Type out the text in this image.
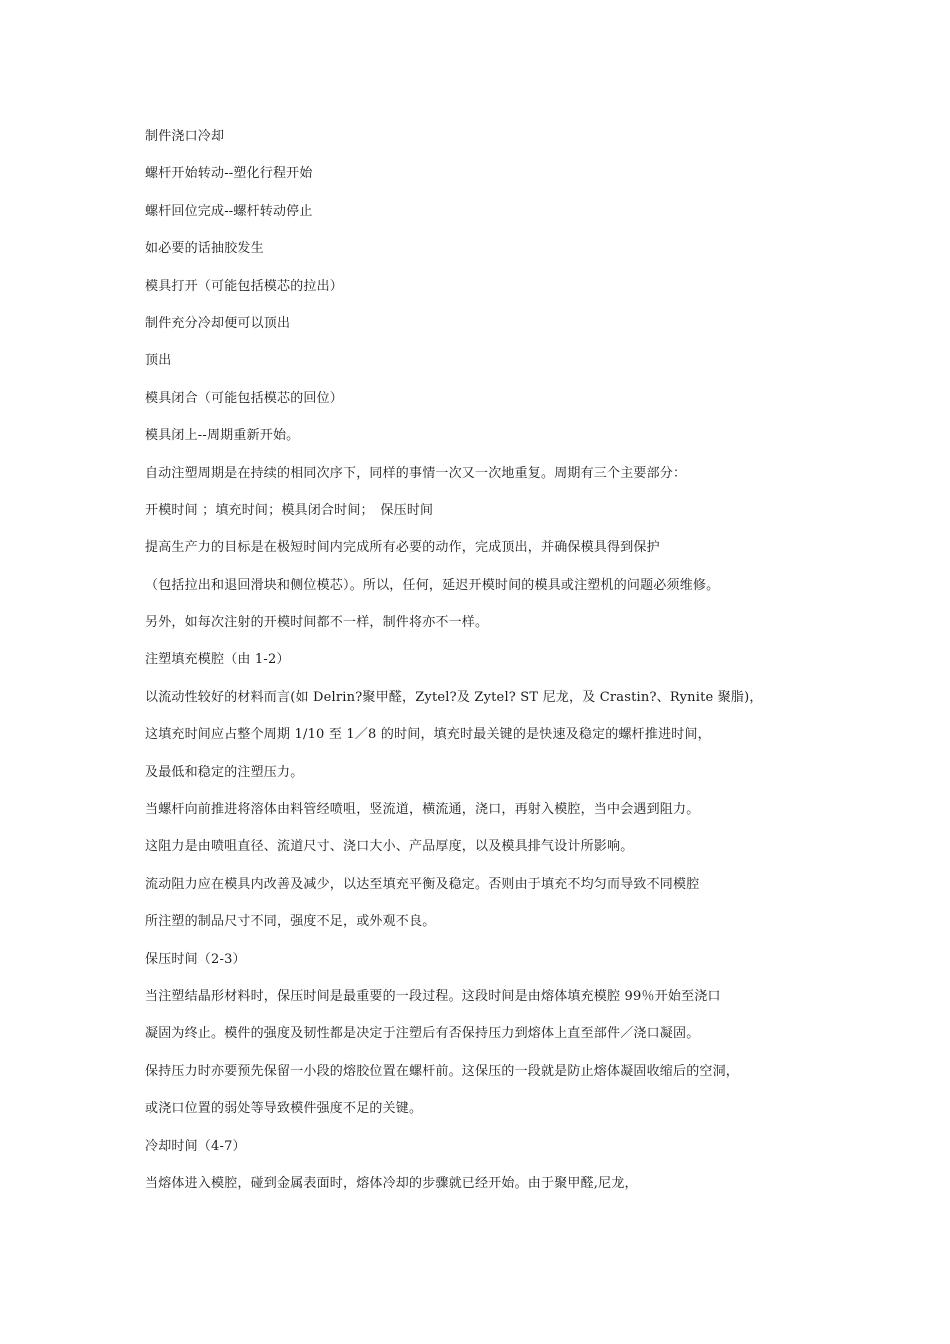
制件浇口冷却
螺杆开始转动--塑化行程开始
螺杆回位完成--螺杆转动停止
如必要的话抽胶发生
模具打开（可能包括模芯的拉出）
制件充分冷却便可以顶出
顶出
模具闭合（可能包括模芯的回位）
模具闭上--周期重新开始。
自动注塑周期是在持续的相同次序下，同样的事情一次又一次地重复。周期有三个主要部分：
开模时间 ；填充时间；模具闭合时间；　保压时间
提高生产力的目标是在极短时间内完成所有必要的动作，完成顶出，并确保模具得到保护
（包括拉出和退回滑块和侧位模芯）。所以，任何，延迟开模时间的模具或注塑机的问题必须维修。
另外，如每次注射的开模时间都不一样，制件将亦不一样。
注塑填充模腔（由 1-2）
以流动性较好的材料而言(如 Delrin?聚甲醛，Zytel?及 Zytel? ST 尼龙，及 Crastin?、Rynite 聚脂)，
这填充时间应占整个周期 1/10 至 1／8 的时间，填充时最关键的是快速及稳定的螺杆推进时间，
及最低和稳定的注塑压力。
当螺杆向前推进将溶体由料管经喷咀，竖流道，横流通，浇口，再射入模腔，当中会遇到阻力。
这阻力是由喷咀直径、流道尺寸、浇口大小、产品厚度，以及模具排气设计所影响。
流动阻力应在模具内改善及减少，以达至填充平衡及稳定。否则由于填充不均匀而导致不同模腔
所注塑的制品尺寸不同，强度不足，或外观不良。
保压时间（2-3）
当注塑结晶形材料时，保压时间是最重要的一段过程。这段时间是由熔体填充模腔 99％开始至浇口
凝固为终止。模件的强度及韧性都是决定于注塑后有否保持压力到熔体上直至部件／浇口凝固。
保持压力时亦要预先保留一小段的熔胶位置在螺杆前。这保压的一段就是防止熔体凝固收缩后的空洞，
或浇口位置的弱处等导致模件强度不足的关键。
冷却时间（4-7）
当熔体进入模腔，碰到金属表面时，熔体冷却的步骤就已经开始。由于聚甲醛,尼龙，
